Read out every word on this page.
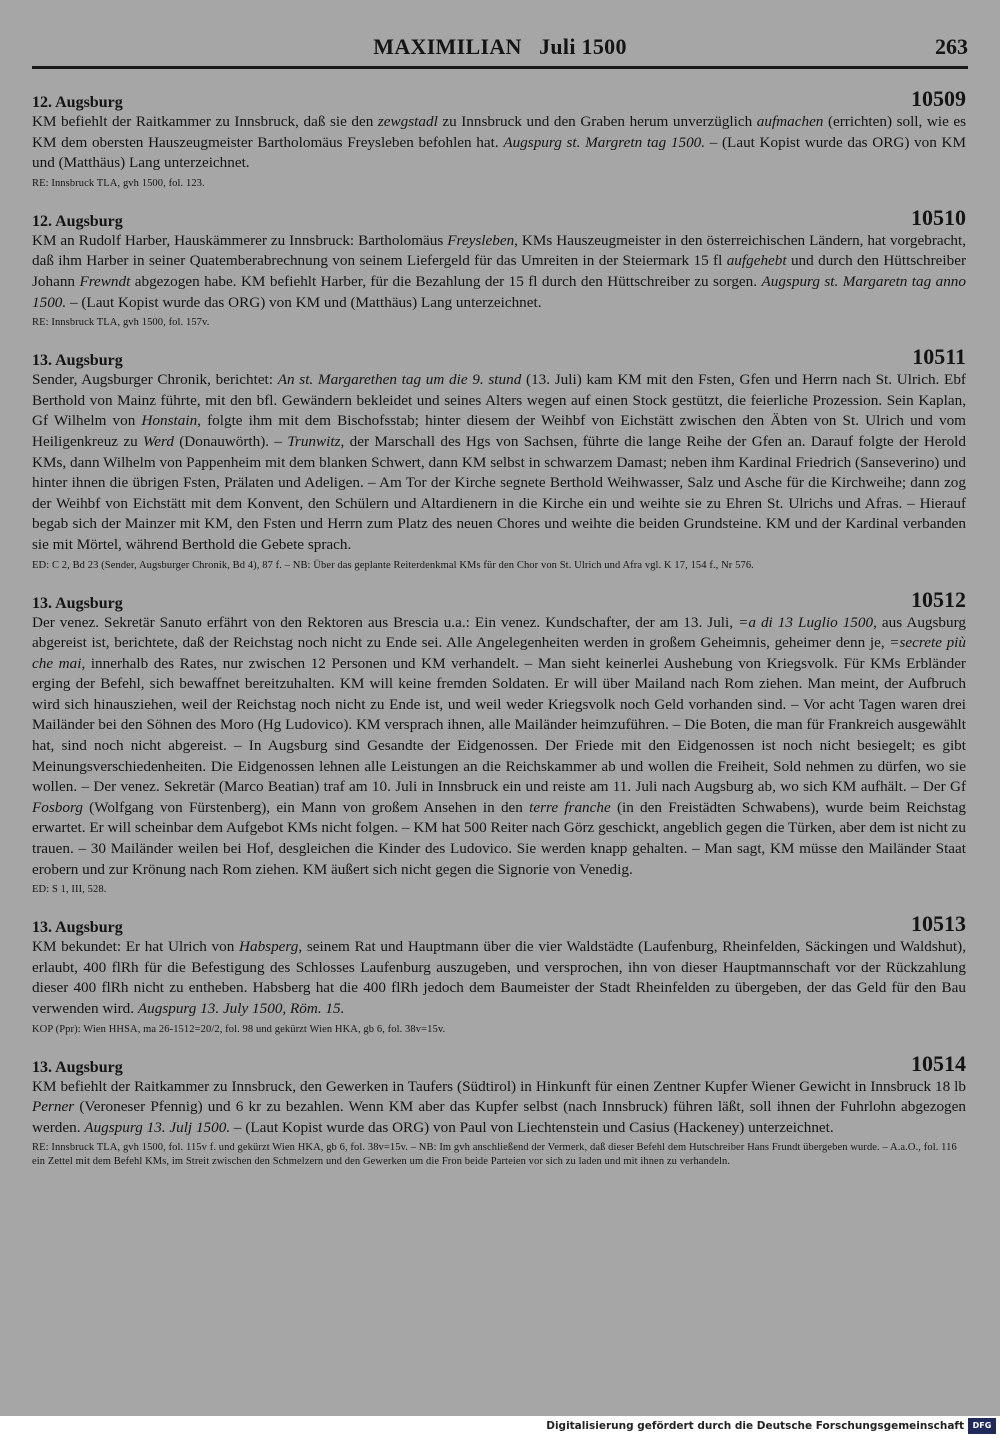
MAXIMILIAN   Juli 1500	263
12. Augsburg	10509

KM befiehlt der Raitkammer zu Innsbruck, daß sie den zewgstadl zu Innsbruck und den Graben herum unverzüglich aufmachen (errichten) soll, wie es KM dem obersten Hauszeugmeister Bartholomäus Freysleben befohlen hat. Augspurg st. Margretn tag 1500. – (Laut Kopist wurde das ORG) von KM und (Matthäus) Lang unterzeichnet.

RE: Innsbruck TLA, gvh 1500, fol. 123.
12. Augsburg	10510

KM an Rudolf Harber, Hauskämmerer zu Innsbruck: Bartholomäus Freysleben, KMs Hauszeugmeister in den österreichischen Ländern, hat vorgebracht, daß ihm Harber in seiner Quatemberabrechnung von seinem Liefergeld für das Umreiten in der Steiermark 15 fl aufgehebt und durch den Hüttschreiber Johann Frewndt abgezogen habe. KM befiehlt Harber, für die Bezahlung der 15 fl durch den Hüttschreiber zu sorgen. Augspurg st. Margaretn tag anno 1500. – (Laut Kopist wurde das ORG) von KM und (Matthäus) Lang unterzeichnet.

RE: Innsbruck TLA, gvh 1500, fol. 157v.
13. Augsburg	10511

Sender, Augsburger Chronik, berichtet: An st. Margarethen tag um die 9. stund (13. Juli) kam KM mit den Fsten, Gfen und Herrn nach St. Ulrich. Ebf Berthold von Mainz führte, mit den bfl. Gewändern bekleidet und seines Alters wegen auf einen Stock gestützt, die feierliche Prozession. Sein Kaplan, Gf Wilhelm von Honstain, folgte ihm mit dem Bischofsstab; hinter diesem der Weihbf von Eichstätt zwischen den Äbten von St. Ulrich und vom Heiligenkreuz zu Werd (Donauwörth). – Trunwitz, der Marschall des Hgs von Sachsen, führte die lange Reihe der Gfen an. Darauf folgte der Herold KMs, dann Wilhelm von Pappenheim mit dem blanken Schwert, dann KM selbst in schwarzem Damast; neben ihm Kardinal Friedrich (Sanseverino) und hinter ihnen die übrigen Fsten, Prälaten und Adeligen. – Am Tor der Kirche segnete Berthold Weihwasser, Salz und Asche für die Kirchweihe; dann zog der Weihbf von Eichstätt mit dem Konvent, den Schülern und Altardienern in die Kirche ein und weihte sie zu Ehren St. Ulrichs und Afras. – Hierauf begab sich der Mainzer mit KM, den Fsten und Herrn zum Platz des neuen Chores und weihte die beiden Grundsteine. KM und der Kardinal verbanden sie mit Mörtel, während Berthold die Gebete sprach.

ED: C 2, Bd 23 (Sender, Augsburger Chronik, Bd 4), 87 f. – NB: Über das geplante Reiterdenkmal KMs für den Chor von St. Ulrich und Afra vgl. K 17, 154 f., Nr 576.
13. Augsburg	10512

Der venez. Sekretär Sanuto erfährt von den Rektoren aus Brescia u.a.: Ein venez. Kundschafter, der am 13. Juli, =a di 13 Luglio 1500, aus Augsburg abgereist ist, berichtete, daß der Reichstag noch nicht zu Ende sei. Alle Angelegenheiten werden in großem Geheimnis, geheimer denn je, =secrete più che mai, innerhalb des Rates, nur zwischen 12 Personen und KM verhandelt. – Man sieht keinerlei Aushebung von Kriegsvolk. Für KMs Erbländer erging der Befehl, sich bewaffnet bereitzuhalten. KM will keine fremden Soldaten. Er will über Mailand nach Rom ziehen. Man meint, der Aufbruch wird sich hinausziehen, weil der Reichstag noch nicht zu Ende ist, und weil weder Kriegsvolk noch Geld vorhanden sind. – Vor acht Tagen waren drei Mailänder bei den Söhnen des Moro (Hg Ludovico). KM versprach ihnen, alle Mailänder heimzuführen. – Die Boten, die man für Frankreich ausgewählt hat, sind noch nicht abgereist. – In Augsburg sind Gesandte der Eidgenossen. Der Friede mit den Eidgenossen ist noch nicht besiegelt; es gibt Meinungsverschiedenheiten. Die Eidgenossen lehnen alle Leistungen an die Reichskammer ab und wollen die Freiheit, Sold nehmen zu dürfen, wo sie wollen. – Der venez. Sekretär (Marco Beatian) traf am 10. Juli in Innsbruck ein und reiste am 11. Juli nach Augsburg ab, wo sich KM aufhält. – Der Gf Fosborg (Wolfgang von Fürstenberg), ein Mann von großem Ansehen in den terre franche (in den Freistädten Schwabens), wurde beim Reichstag erwartet. Er will scheinbar dem Aufgebot KMs nicht folgen. – KM hat 500 Reiter nach Görz geschickt, angeblich gegen die Türken, aber dem ist nicht zu trauen. – 30 Mailänder weilen bei Hof, desgleichen die Kinder des Ludovico. Sie werden knapp gehalten. – Man sagt, KM müsse den Mailänder Staat erobern und zur Krönung nach Rom ziehen. KM äußert sich nicht gegen die Signorie von Venedig.

ED: S 1, III, 528.
13. Augsburg	10513

KM bekundet: Er hat Ulrich von Habsperg, seinem Rat und Hauptmann über die vier Waldstädte (Laufenburg, Rheinfelden, Säckingen und Waldshut), erlaubt, 400 flRh für die Befestigung des Schlosses Laufenburg auszugeben, und versprochen, ihn von dieser Hauptmannschaft vor der Rückzahlung dieser 400 flRh nicht zu entheben. Habsberg hat die 400 flRh jedoch dem Baumeister der Stadt Rheinfelden zu übergeben, der das Geld für den Bau verwenden wird. Augspurg 13. July 1500, Röm. 15.

KOP (Ppr): Wien HHSA, ma 26-1512=20/2, fol. 98 und gekürzt Wien HKA, gb 6, fol. 38v=15v.
13. Augsburg	10514

KM befiehlt der Raitkammer zu Innsbruck, den Gewerken in Taufers (Südtirol) in Hinkunft für einen Zentner Kupfer Wiener Gewicht in Innsbruck 18 lb Perner (Veroneser Pfennig) und 6 kr zu bezahlen. Wenn KM aber das Kupfer selbst (nach Innsbruck) führen läßt, soll ihnen der Fuhrlohn abgezogen werden. Augspurg 13. Julj 1500. – (Laut Kopist wurde das ORG) von Paul von Liechtenstein und Casius (Hackeney) unterzeichnet.

RE: Innsbruck TLA, gvh 1500, fol. 115v f. und gekürzt Wien HKA, gb 6, fol. 38v=15v. – NB: Im gvh anschließend der Vermerk, daß dieser Befehl dem Hutschreiber Hans Frundt übergeben wurde. – A.a.O., fol. 116 ein Zettel mit dem Befehl KMs, im Streit zwischen den Schmelzern und den Gewerken um die Fron beide Parteien vor sich zu laden und mit ihnen zu verhandeln.
Digitalisierung gefördert durch die Deutsche Forschungsgemeinschaft	DFG
